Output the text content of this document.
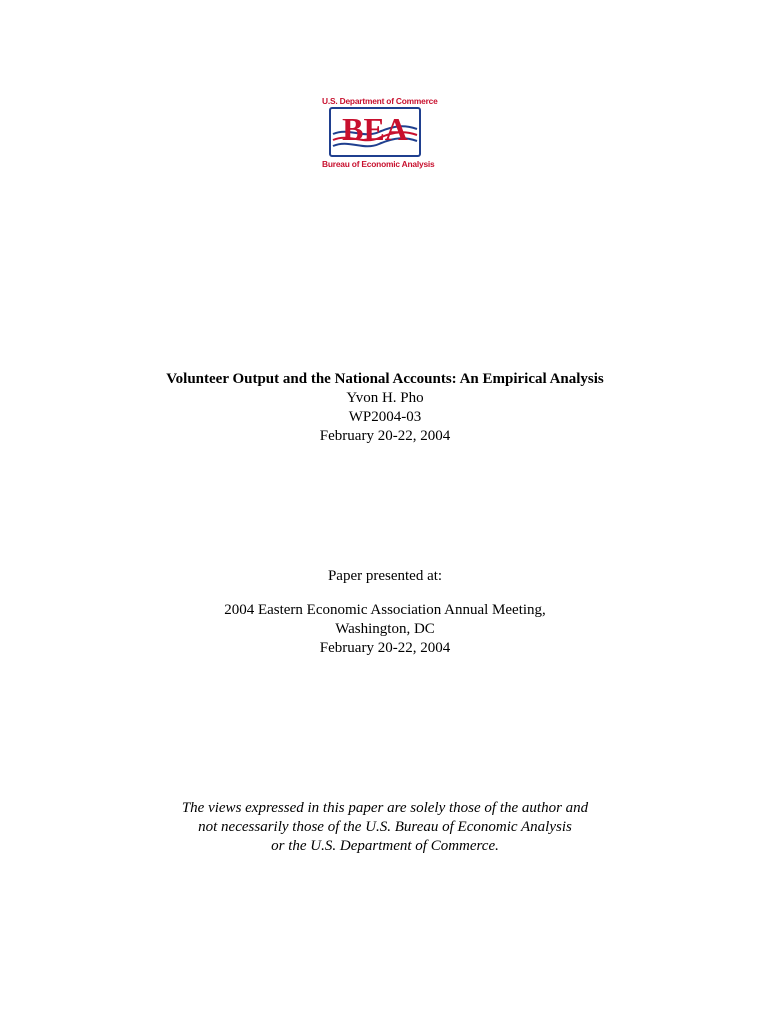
U.S. Department of Commerce
BEA
Bureau of Economic Analysis
Volunteer Output and the National Accounts: An Empirical Analysis
Yvon H. Pho
WP2004-03
February 20-22, 2004
Paper presented at:
2004 Eastern Economic Association Annual Meeting,
Washington, DC
February 20-22, 2004
The views expressed in this paper are solely those of the author and
not necessarily those of the U.S. Bureau of Economic Analysis
or the U.S. Department of Commerce.
